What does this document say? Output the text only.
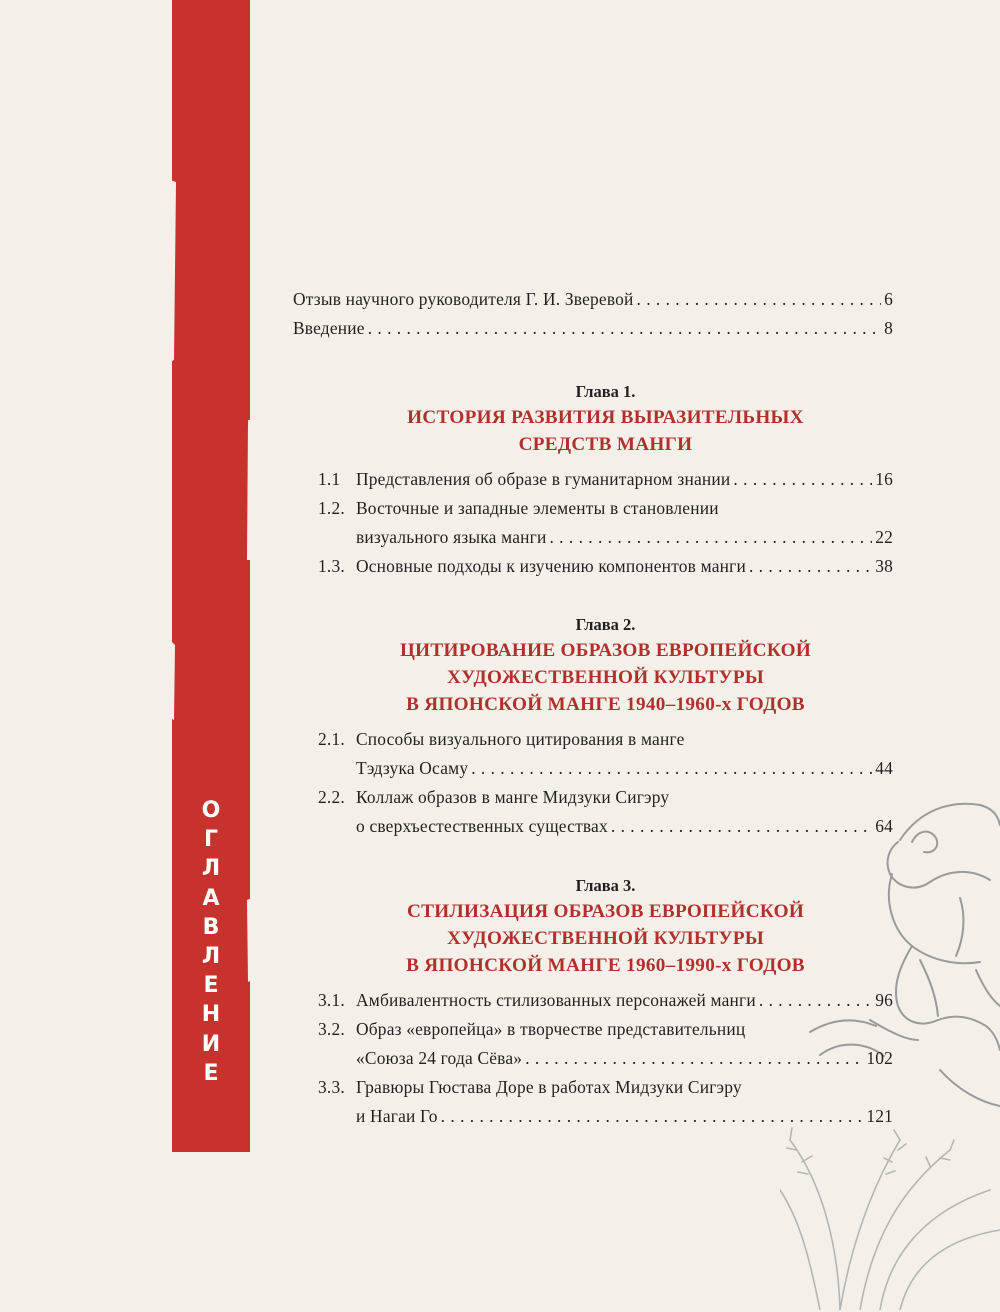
О
Г
Л
А
В
Л
Е
Н
И
Е
Отзыв научного руководителя Г. И. Зверевой . . .	6
Введение . . .	8
Глава 1.
ИСТОРИЯ РАЗВИТИЯ ВЫРАЗИТЕЛЬНЫХ
СРЕДСТВ МАНГИ
1.1 Представления об образе в гуманитарном знании . . .	16
1.2. Восточные и западные элементы в становлении
визуального языка манги . . .	22
1.3. Основные подходы к изучению компонентов манги . . .	38
Глава 2.
ЦИТИРОВАНИЕ ОБРАЗОВ ЕВРОПЕЙСКОЙ
ХУДОЖЕСТВЕННОЙ КУЛЬТУРЫ
В ЯПОНСКОЙ МАНГЕ 1940–1960-х ГОДОВ
2.1. Способы визуального цитирования в манге
Тэдзука Осаму . . .	44
2.2. Коллаж образов в манге Мидзуки Сигэру
о сверхъестественных существах . . .	64
Глава 3.
СТИЛИЗАЦИЯ ОБРАЗОВ ЕВРОПЕЙСКОЙ
ХУДОЖЕСТВЕННОЙ КУЛЬТУРЫ
В ЯПОНСКОЙ МАНГЕ 1960–1990-х ГОДОВ
3.1. Амбивалентность стилизованных персонажей манги . . .	96
3.2. Образ «европейца» в творчестве представительниц
«Союза 24 года Сёва» . . .	102
3.3. Гравюры Гюстава Доре в работах Мидзуки Сигэру
и Нагаи Го . . .	121
